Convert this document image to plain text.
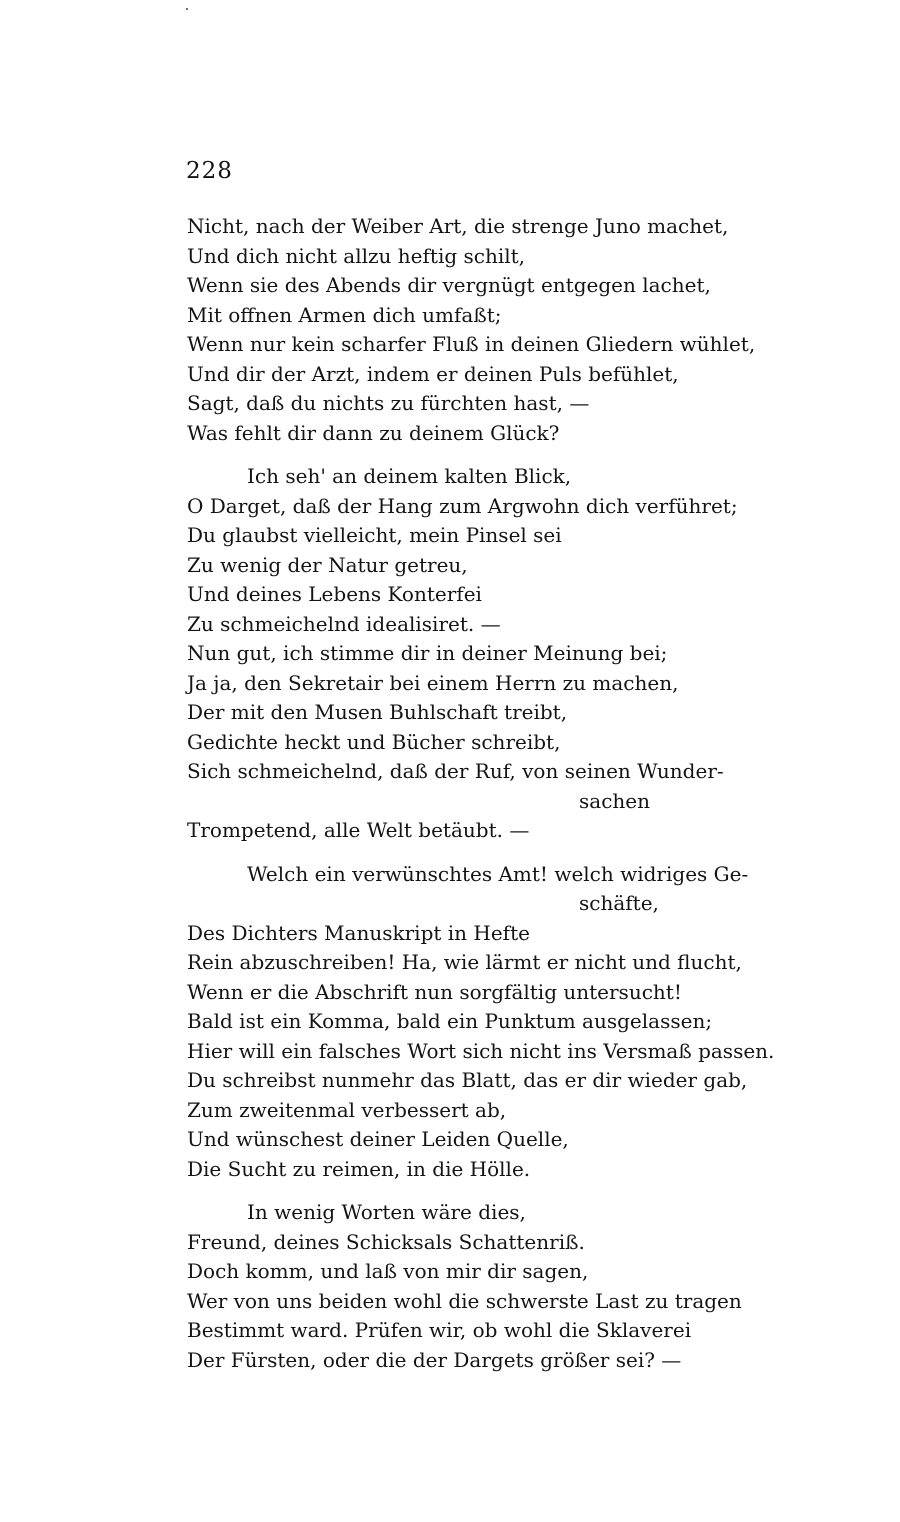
228
Nicht, nach der Weiber Art, die strenge Juno machet,
Und dich nicht allzu heftig schilt,
Wenn sie des Abends dir vergnügt entgegen lachet,
Mit offnen Armen dich umfaßt;
Wenn nur kein scharfer Fluß in deinen Gliedern wühlet,
Und dir der Arzt, indem er deinen Puls befühlet,
Sagt, daß du nichts zu fürchten hast, —
Was fehlt dir dann zu deinem Glück?
Ich seh' an deinem kalten Blick,
O Darget, daß der Hang zum Argwohn dich verführet;
Du glaubst vielleicht, mein Pinsel sei
Zu wenig der Natur getreu,
Und deines Lebens Konterfei
Zu schmeichelnd idealisiret. —
Nun gut, ich stimme dir in deiner Meinung bei;
Ja ja, den Sekretair bei einem Herrn zu machen,
Der mit den Musen Buhlschaft treibt,
Gedichte heckt und Bücher schreibt,
Sich schmeichelnd, daß der Ruf, von seinen Wunder-
sachen
Trompetend, alle Welt betäubt. —
Welch ein verwünschtes Amt! welch widriges Ge-
schäfte,
Des Dichters Manuskript in Hefte
Rein abzuschreiben! Ha, wie lärmt er nicht und flucht,
Wenn er die Abschrift nun sorgfältig untersucht!
Bald ist ein Komma, bald ein Punktum ausgelassen;
Hier will ein falsches Wort sich nicht ins Versmaß passen.
Du schreibst nunmehr das Blatt, das er dir wieder gab,
Zum zweitenmal verbessert ab,
Und wünschest deiner Leiden Quelle,
Die Sucht zu reimen, in die Hölle.
In wenig Worten wäre dies,
Freund, deines Schicksals Schattenriß.
Doch komm, und laß von mir dir sagen,
Wer von uns beiden wohl die schwerste Last zu tragen
Bestimmt ward. Prüfen wir, ob wohl die Sklaverei
Der Fürsten, oder die der Dargets größer sei? —
